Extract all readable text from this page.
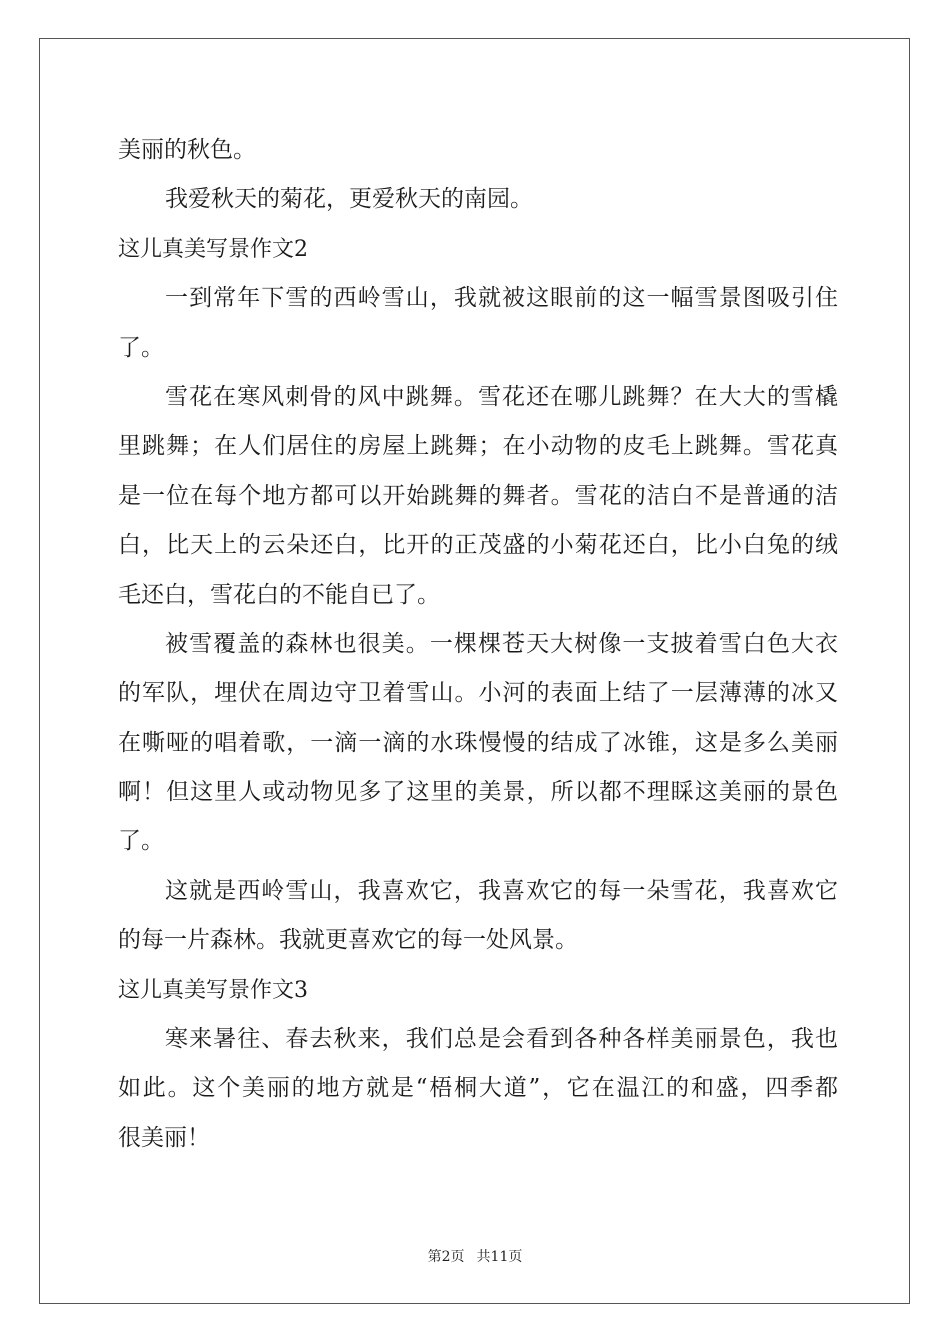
美丽的秋色。
我爱秋天的菊花，更爱秋天的南园。
这儿真美写景作文2
一到常年下雪的西岭雪山，我就被这眼前的这一幅雪景图吸引住
了。
雪花在寒风刺骨的风中跳舞。雪花还在哪儿跳舞？在大大的雪橇
里跳舞；在人们居住的房屋上跳舞；在小动物的皮毛上跳舞。雪花真
是一位在每个地方都可以开始跳舞的舞者。雪花的洁白不是普通的洁
白，比天上的云朵还白，比开的正茂盛的小菊花还白，比小白兔的绒
毛还白，雪花白的不能自已了。
被雪覆盖的森林也很美。一棵棵苍天大树像一支披着雪白色大衣
的军队，埋伏在周边守卫着雪山。小河的表面上结了一层薄薄的冰又
在嘶哑的唱着歌，一滴一滴的水珠慢慢的结成了冰锥，这是多么美丽
啊！但这里人或动物见多了这里的美景，所以都不理睬这美丽的景色
了。
这就是西岭雪山，我喜欢它，我喜欢它的每一朵雪花，我喜欢它
的每一片森林。我就更喜欢它的每一处风景。
这儿真美写景作文3
寒来暑往、春去秋来，我们总是会看到各种各样美丽景色，我也
如此。这个美丽的地方就是“梧桐大道”，它在温江的和盛，四季都
很美丽！
第2页 共11页
